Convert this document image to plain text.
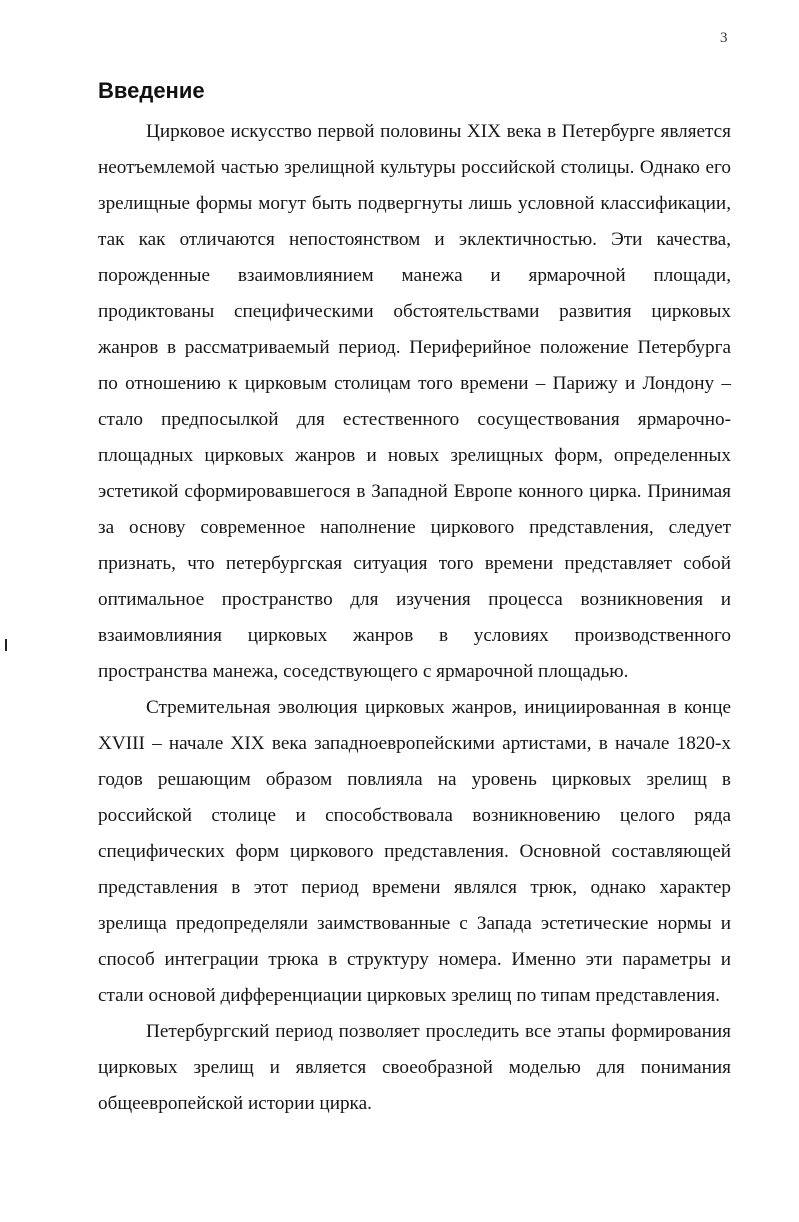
3
Введение

Цирковое искусство первой половины XIX века в Петербурге является неотъемлемой частью зрелищной культуры российской столицы. Однако его зрелищные формы могут быть подвергнуты лишь условной классификации, так как отличаются непостоянством и эклектичностью. Эти качества, порожденные взаимовлиянием манежа и ярмарочной площади, продиктованы специфическими обстоятельствами развития цирковых жанров в рассматриваемый период. Периферийное положение Петербурга по отношению к цирковым столицам того времени – Парижу и Лондону – стало предпосылкой для естественного сосуществования ярмарочно-площадных цирковых жанров и новых зрелищных форм, определенных эстетикой сформировавшегося в Западной Европе конного цирка. Принимая за основу современное наполнение циркового представления, следует признать, что петербургская ситуация того времени представляет собой оптимальное пространство для изучения процесса возникновения и взаимовлияния цирковых жанров в условиях производственного пространства манежа, соседствующего с ярмарочной площадью.

Стремительная эволюция цирковых жанров, инициированная в конце XVIII – начале XIX века западноевропейскими артистами, в начале 1820-х годов решающим образом повлияла на уровень цирковых зрелищ в российской столице и способствовала возникновению целого ряда специфических форм циркового представления. Основной составляющей представления в этот период времени являлся трюк, однако характер зрелища предопределяли заимствованные с Запада эстетические нормы и способ интеграции трюка в структуру номера. Именно эти параметры и стали основой дифференциации цирковых зрелищ по типам представления.

Петербургский период позволяет проследить все этапы формирования цирковых зрелищ и является своеобразной моделью для понимания общеевропейской истории цирка.
